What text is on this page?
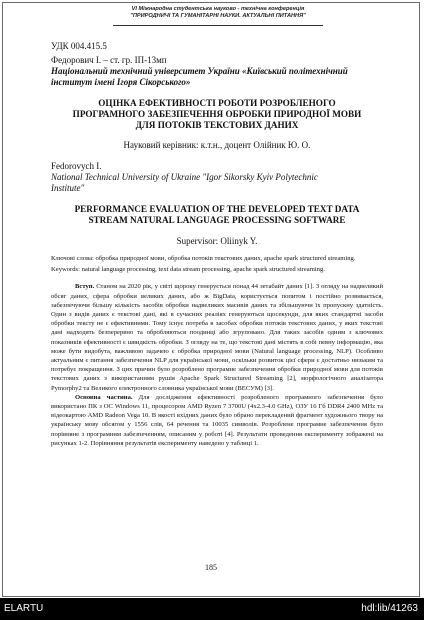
VI Міжнародна студентська науково - технічна конференція
"ПРИРОДНИЧІ ТА ГУМАНІТАРНІ НАУКИ. АКТУАЛЬНІ ПИТАННЯ"
УДК 004.415.5
Федорович І. – ст. гр. ІП-13мп
Національний технічний університет України «Київський політехнічний
інститут імені Ігоря Сікорського»
ОЦІНКА ЕФЕКТИВНОСТІ РОБОТИ РОЗРОБЛЕНОГО
ПРОГРАМНОГО ЗАБЕЗПЕЧЕННЯ ОБРОБКИ ПРИРОДНОЇ МОВИ
ДЛЯ ПОТОКІВ ТЕКСТОВИХ ДАНИХ
Науковий керівник: к.т.н., доцент Олійник Ю. О.
Fedorovych I.
National Technical University of Ukraine "Igor Sikorsky Kyiv Polytechnic
Institute"
PERFORMANCE EVALUATION OF THE DEVELOPED TEXT DATA
STREAM NATURAL LANGUAGE PROCESSING SOFTWARE
Supervisor: Oliinyk Y.
Ключові слова: обробка природної мови, обробка потоків текстових даних, apache spark structured streaming.
Keywords: natural language processing, text data stream processing, apache spark structured streaming.

Вступ. Станом на 2020 рік, у світі щороку генерується понад 44 зетабайт даних [1]. З огляду на надвеликий обсяг даних, сфера обробки великих даних, або ж BigData, користується попитом і постійно розвивається, забезпечуючи більшу кількість засобів обробки надвеликих масивів даних та збільшуючи їх пропускну здатність. Один з видів даних є текстові дані, які в сучасних реаліях генеруються щосекунди, для яких стандартні засоби обробки тексту не є ефективними. Тому існує потреба в засобах обробки потоків текстових даних, у яких текстові дані надходять безперервно та обробляються поодинці або згруповано. Для таких засобів одним з ключових показників ефективності є швидкість обробки. З огляду на те, що текстові дані містять в собі певну інформацію, яка може бути видобута, важливою задачею є обробка природної мови (Natural language processing, NLP). Особливо актуальним є питання забезпечення NLP для української мови, оскільки розвиток цієї сфери є достатньо низьким та потребує покращення. З цих причин було розроблено програмне забезпечення обробки природної мови для потоків текстових даних з використанням рушія Apache Spark Structured Streaming [2], морфологічного аналізатора Pymorphy2 та Великого електронного словника української мови (ВЕСУМ) [3].

Основна частина. Для дослідження ефективності розробленого програмного забезпечення було використано ПК з ОС Windows 11, процесором AMD Ryzen 7 3700U (4x2.3-4.0 GHz), ОЗУ 16 Гб DDR4 2400 MHz та відеокартою AMD Radeon Vega 10. В якості вхідних даних було обрано перекладений фрагмент художнього твору на українську мову обсягом у 1556 слів, 64 речення та 10035 символів. Розроблене програмне забезпечення було порівняне з програмним забезпеченням, описаним у роботі [4]. Результати проведення експерименту зображені на рисунках 1-2. Порівняння результатів експерименту наведено у таблиці 1.

185
ELARTU	hdl:lib/41263
